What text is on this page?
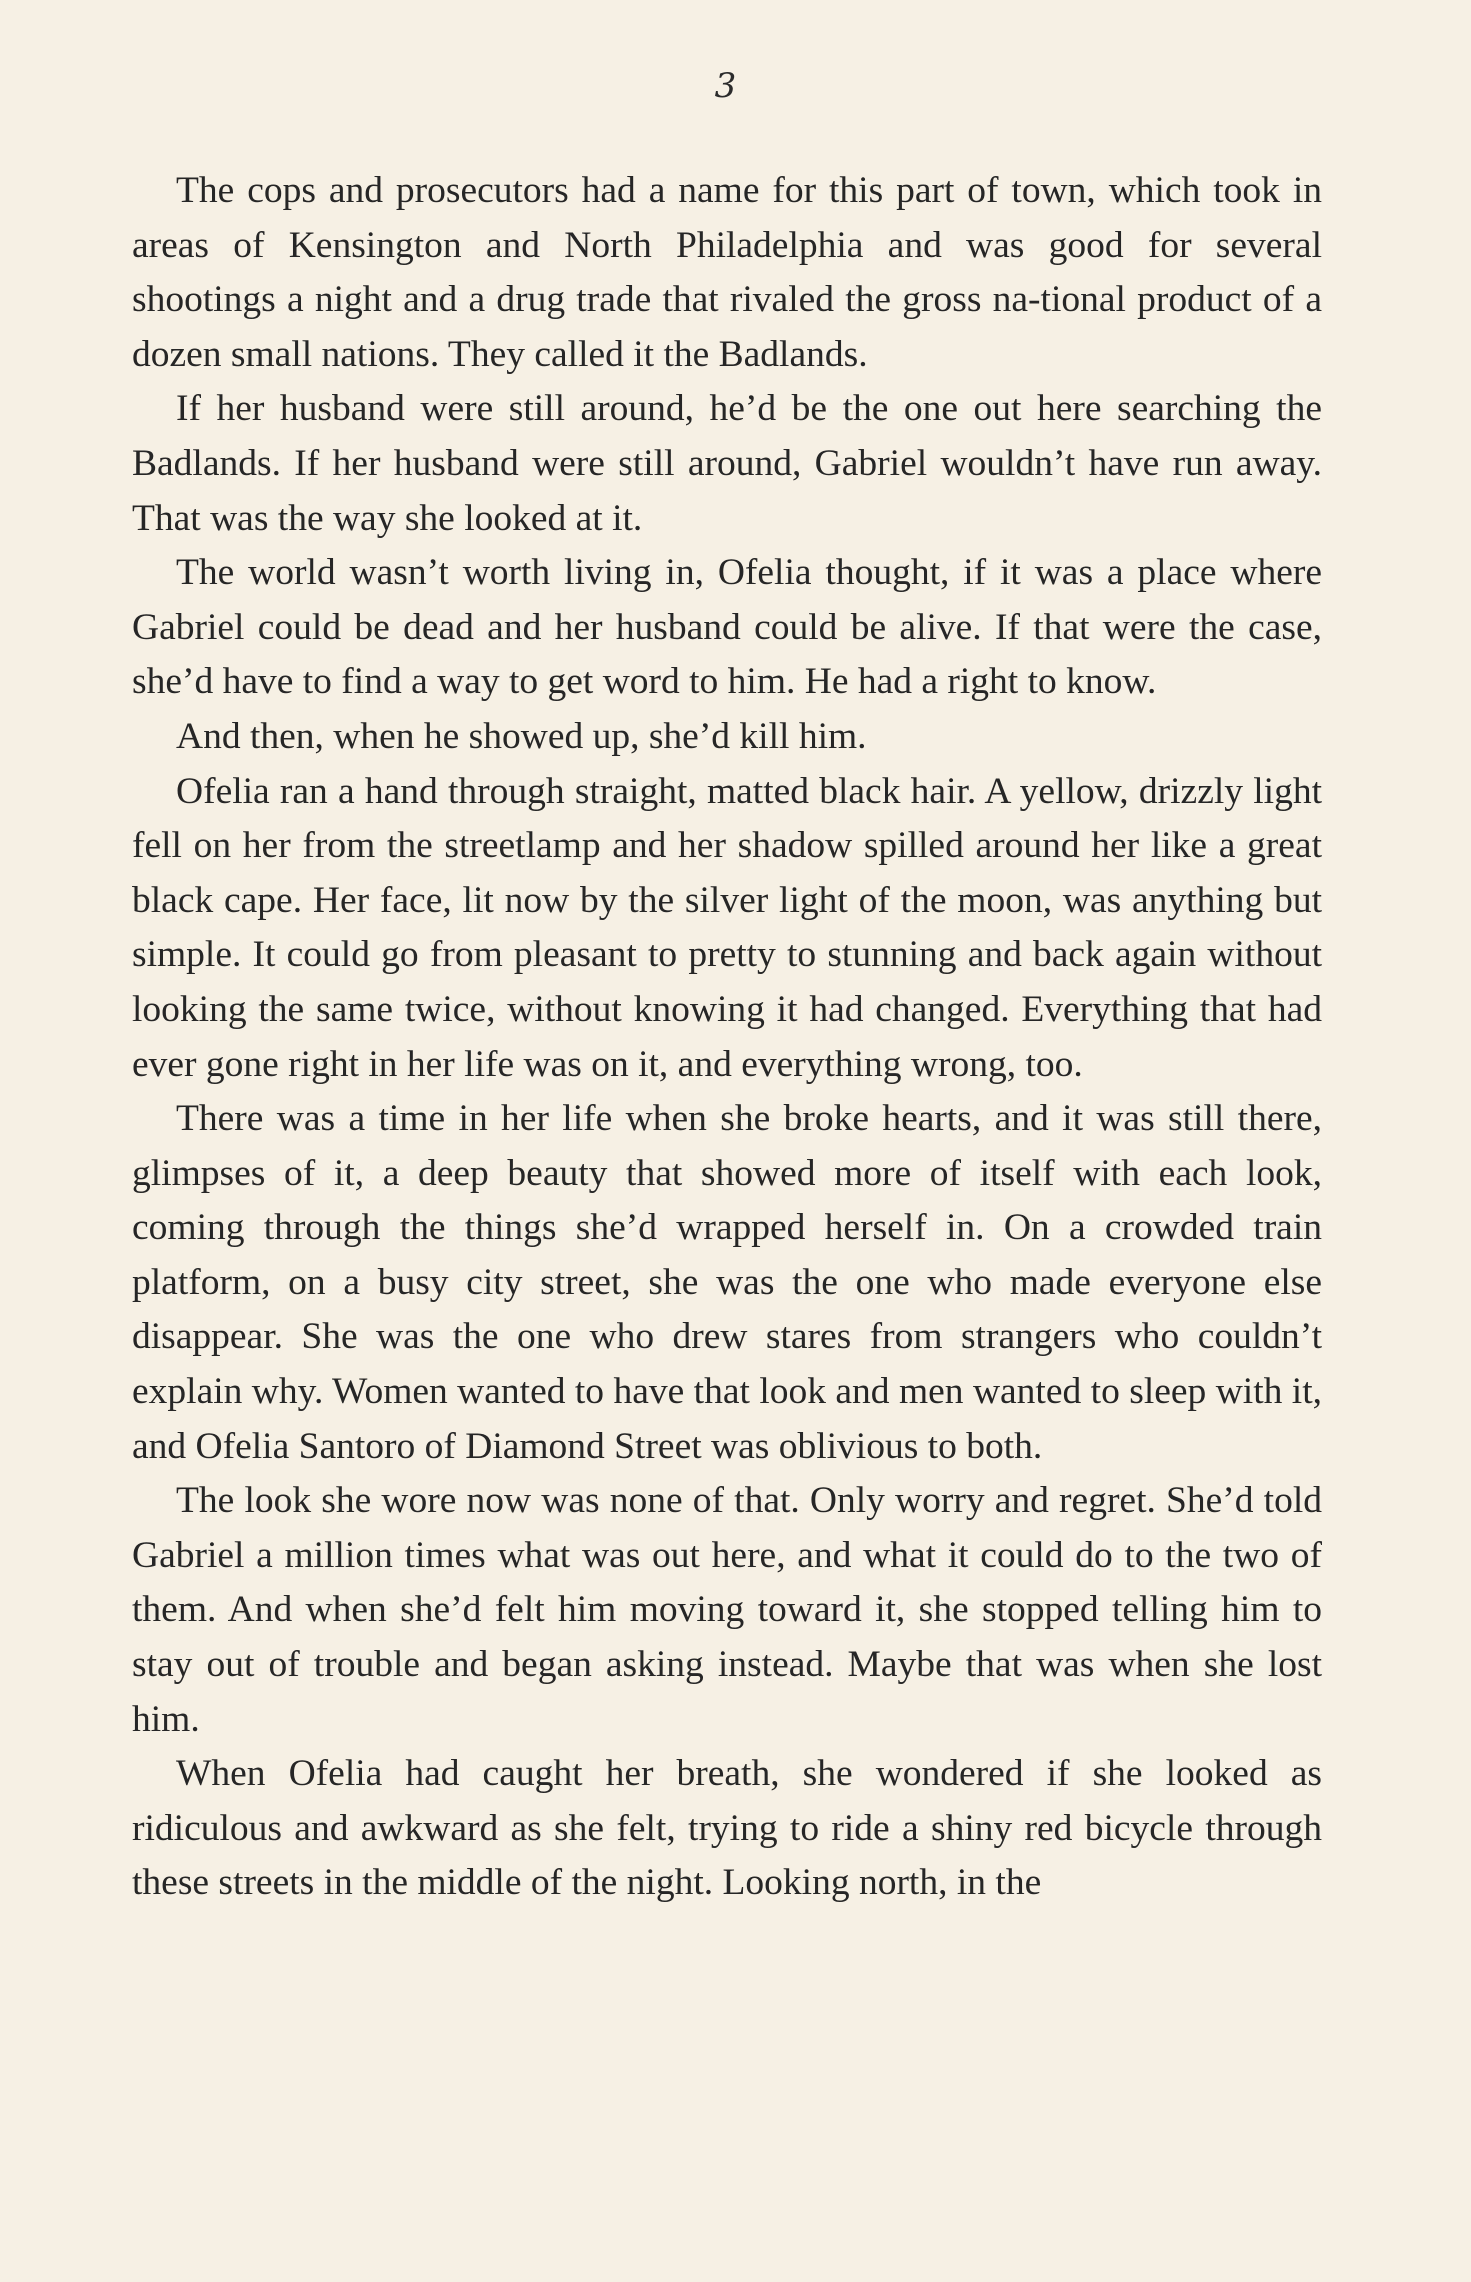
3

The cops and prosecutors had a name for this part of town, which took in areas of Kensington and North Philadelphia and was good for several shootings a night and a drug trade that rivaled the gross na-tional product of a dozen small nations. They called it the Badlands.

If her husband were still around, he’d be the one out here searching the Badlands. If her husband were still around, Gabriel wouldn’t have run away. That was the way she looked at it.

The world wasn’t worth living in, Ofelia thought, if it was a place where Gabriel could be dead and her husband could be alive. If that were the case, she’d have to find a way to get word to him. He had a right to know.

And then, when he showed up, she’d kill him.

Ofelia ran a hand through straight, matted black hair. A yellow, drizzly light fell on her from the streetlamp and her shadow spilled around her like a great black cape. Her face, lit now by the silver light of the moon, was anything but simple. It could go from pleasant to pretty to stunning and back again without looking the same twice, without knowing it had changed. Everything that had ever gone right in her life was on it, and everything wrong, too.

There was a time in her life when she broke hearts, and it was still there, glimpses of it, a deep beauty that showed more of itself with each look, coming through the things she’d wrapped herself in. On a crowded train platform, on a busy city street, she was the one who made everyone else disappear. She was the one who drew stares from strangers who couldn’t explain why. Women wanted to have that look and men wanted to sleep with it, and Ofelia Santoro of Diamond Street was oblivious to both.

The look she wore now was none of that. Only worry and regret. She’d told Gabriel a million times what was out here, and what it could do to the two of them. And when she’d felt him moving toward it, she stopped telling him to stay out of trouble and began asking instead. Maybe that was when she lost him.

When Ofelia had caught her breath, she wondered if she looked as ridiculous and awkward as she felt, trying to ride a shiny red bicycle through these streets in the middle of the night. Looking north, in the
